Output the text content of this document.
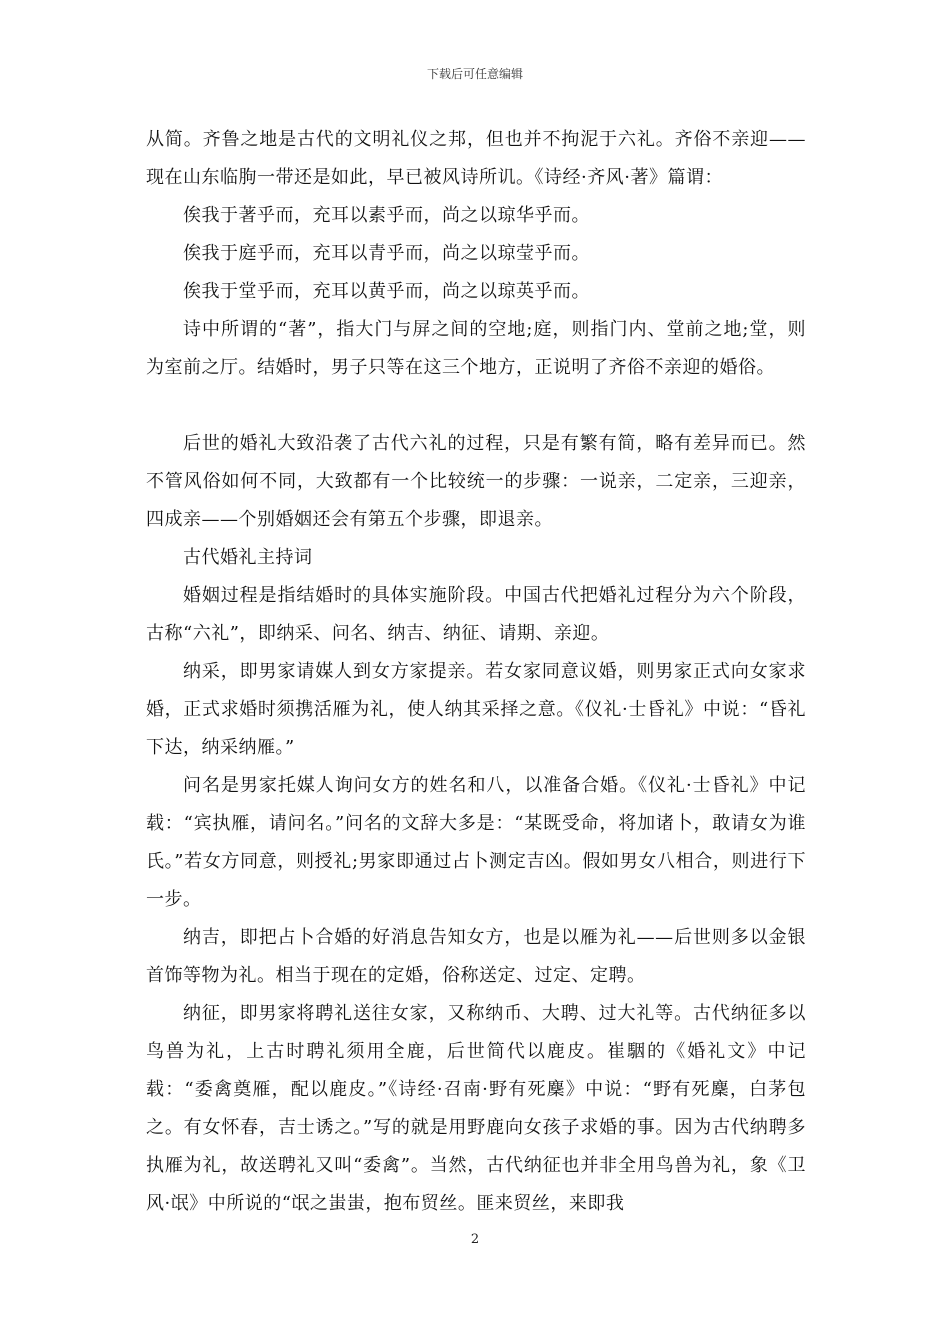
下载后可任意编辑

从简。齐鲁之地是古代的文明礼仪之邦，但也并不拘泥于六礼。齐俗不亲迎——现在山东临朐一带还是如此，早已被风诗所讥。《诗经·齐风·著》篇谓：

俟我于著乎而，充耳以素乎而，尚之以琼华乎而。

俟我于庭乎而，充耳以青乎而，尚之以琼莹乎而。

俟我于堂乎而，充耳以黄乎而，尚之以琼英乎而。

诗中所谓的“著”，指大门与屏之间的空地;庭，则指门内、堂前之地;堂，则为室前之厅。结婚时，男子只等在这三个地方，正说明了齐俗不亲迎的婚俗。

后世的婚礼大致沿袭了古代六礼的过程，只是有繁有简，略有差异而已。然不管风俗如何不同，大致都有一个比较统一的步骤：一说亲，二定亲，三迎亲，四成亲——个别婚姻还会有第五个步骤，即退亲。

古代婚礼主持词

婚姻过程是指结婚时的具体实施阶段。中国古代把婚礼过程分为六个阶段，古称“六礼”，即纳采、问名、纳吉、纳征、请期、亲迎。

纳采，即男家请媒人到女方家提亲。若女家同意议婚，则男家正式向女家求婚，正式求婚时须携活雁为礼，使人纳其采择之意。《仪礼·士昏礼》中说：“昏礼下达，纳采纳雁。”

问名是男家托媒人询问女方的姓名和八，以准备合婚。《仪礼·士昏礼》中记载：“宾执雁，请问名。”问名的文辞大多是：“某既受命，将加诸卜，敢请女为谁氏。”若女方同意，则授礼;男家即通过占卜测定吉凶。假如男女八相合，则进行下一步。

纳吉，即把占卜合婚的好消息告知女方，也是以雁为礼——后世则多以金银首饰等物为礼。相当于现在的定婚，俗称送定、过定、定聘。

纳征，即男家将聘礼送往女家，又称纳币、大聘、过大礼等。古代纳征多以鸟兽为礼，上古时聘礼须用全鹿，后世简代以鹿皮。崔駰的《婚礼文》中记载：“委禽奠雁，配以鹿皮。”《诗经·召南·野有死麇》中说：“野有死麇，白茅包之。有女怀春，吉士诱之。”写的就是用野鹿向女孩子求婚的事。因为古代纳聘多执雁为礼，故送聘礼又叫“委禽”。当然，古代纳征也并非全用鸟兽为礼，象《卫风·氓》中所说的“氓之蚩蚩，抱布贸丝。匪来贸丝，来即我

2
